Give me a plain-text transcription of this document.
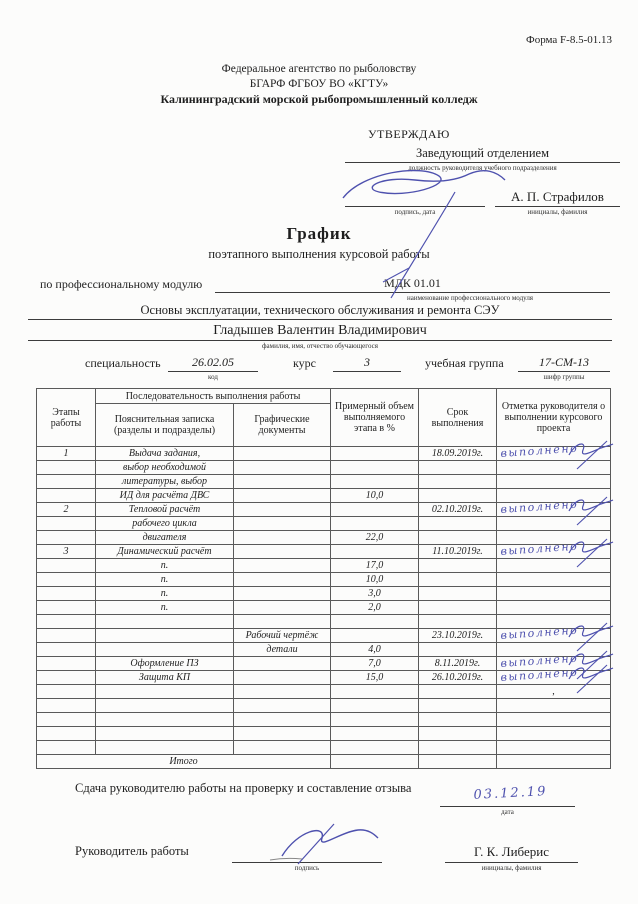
Форма F-8.5-01.13
Федеральное агентство по рыболовству
БГАРФ ФГБОУ ВО «КГТУ»
Калининградский морской рыбопромышленный колледж
УТВЕРЖДАЮ
Заведующий отделением
должность руководителя учебного подразделения
А. П. Страфилов
подпись, дата	инициалы, фамилия
График
поэтапного выполнения курсовой работы
по профессиональному модулю	МДК 01.01
наименование профессионального модуля
Основы эксплуатации, технического обслуживания и ремонта СЭУ
Гладышев Валентин Владимирович
фамилия, имя, отчество обучающегося
специальность	26.02.05
код
курс	3	учебная группа	17-СМ-13
шифр группы
Этапы работы	Последовательность выполнения работы		Примерный объем выполняемого этапа в %	Срок выполнения	Отметка руководителя о выполнении курсового проекта
	Пояснительная записка (разделы и подразделы)	Графические документы			
1	Выдача задания,			18.09.2019г.	выполнено

	выбор необходимой				
	литературы, выбор				
	ИД для расчёта ДВС		10,0		
2	Тепловой расчёт			02.10.2019г.	выполнено

	рабочего цикла				
	двигателя		22,0		
3	Динамический расчёт			11.10.2019г.	выполнено

	п.		17,0		
	п.		10,0		
	п.		3,0		
	п.		2,0		

		Рабочий чертёж		23.10.2019г.	выполнено

		детали	4,0		
	Оформление ПЗ		7,0	8.11.2019г.	выполнено

	Защита КП		15,0	26.10.2019г.	выполнено

					,

Итого					
Сдача руководителю работы на проверку и составление отзыва	03.12.19
дата
Руководитель работы
подпись
Г. К. Либерис
инициалы, фамилия
